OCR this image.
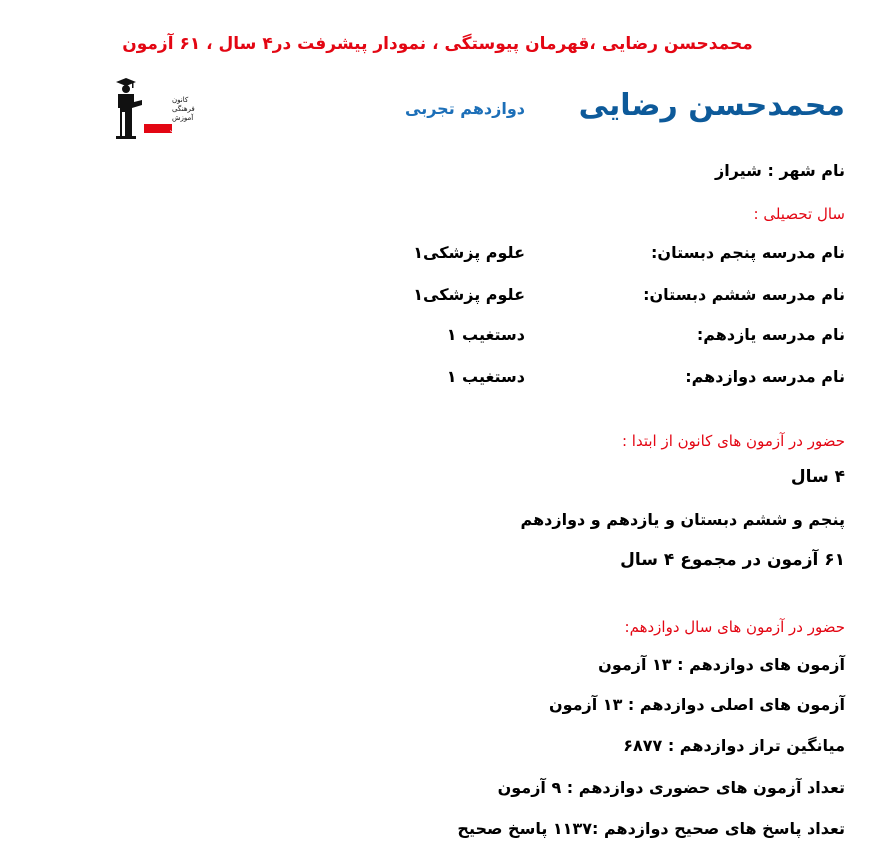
محمدحسن رضایی ،قهرمان پیوستگی ، نمودار پیشرفت در۴ سال ، ۶۱ آزمون
محمدحسن رضایی
دوازدهم تجربی
کانون
فرهنگی
آموزش
قلم‌چی
نام شهر : شیراز
سال تحصیلی :
نام مدرسه پنجم دبستان:
علوم پزشکی۱
نام مدرسه ششم دبستان:
علوم پزشکی۱
نام مدرسه یازدهم:
دستغیب ۱
نام مدرسه دوازدهم:
دستغیب ۱
حضور در آزمون های کانون از ابتدا :
۴ سال
پنجم و ششم دبستان و یازدهم و دوازدهم
۶۱ آزمون در مجموع ۴ سال
حضور در آزمون های سال دوازدهم:
آزمون های دوازدهم : ۱۳ آزمون
آزمون های اصلی دوازدهم : ۱۳ آزمون
میانگین تراز دوازدهم : ۶۸۷۷
تعداد آزمون های حضوری دوازدهم : ۹ آزمون
تعداد پاسخ های صحیح دوازدهم :۱۱۳۷ پاسخ صحیح
